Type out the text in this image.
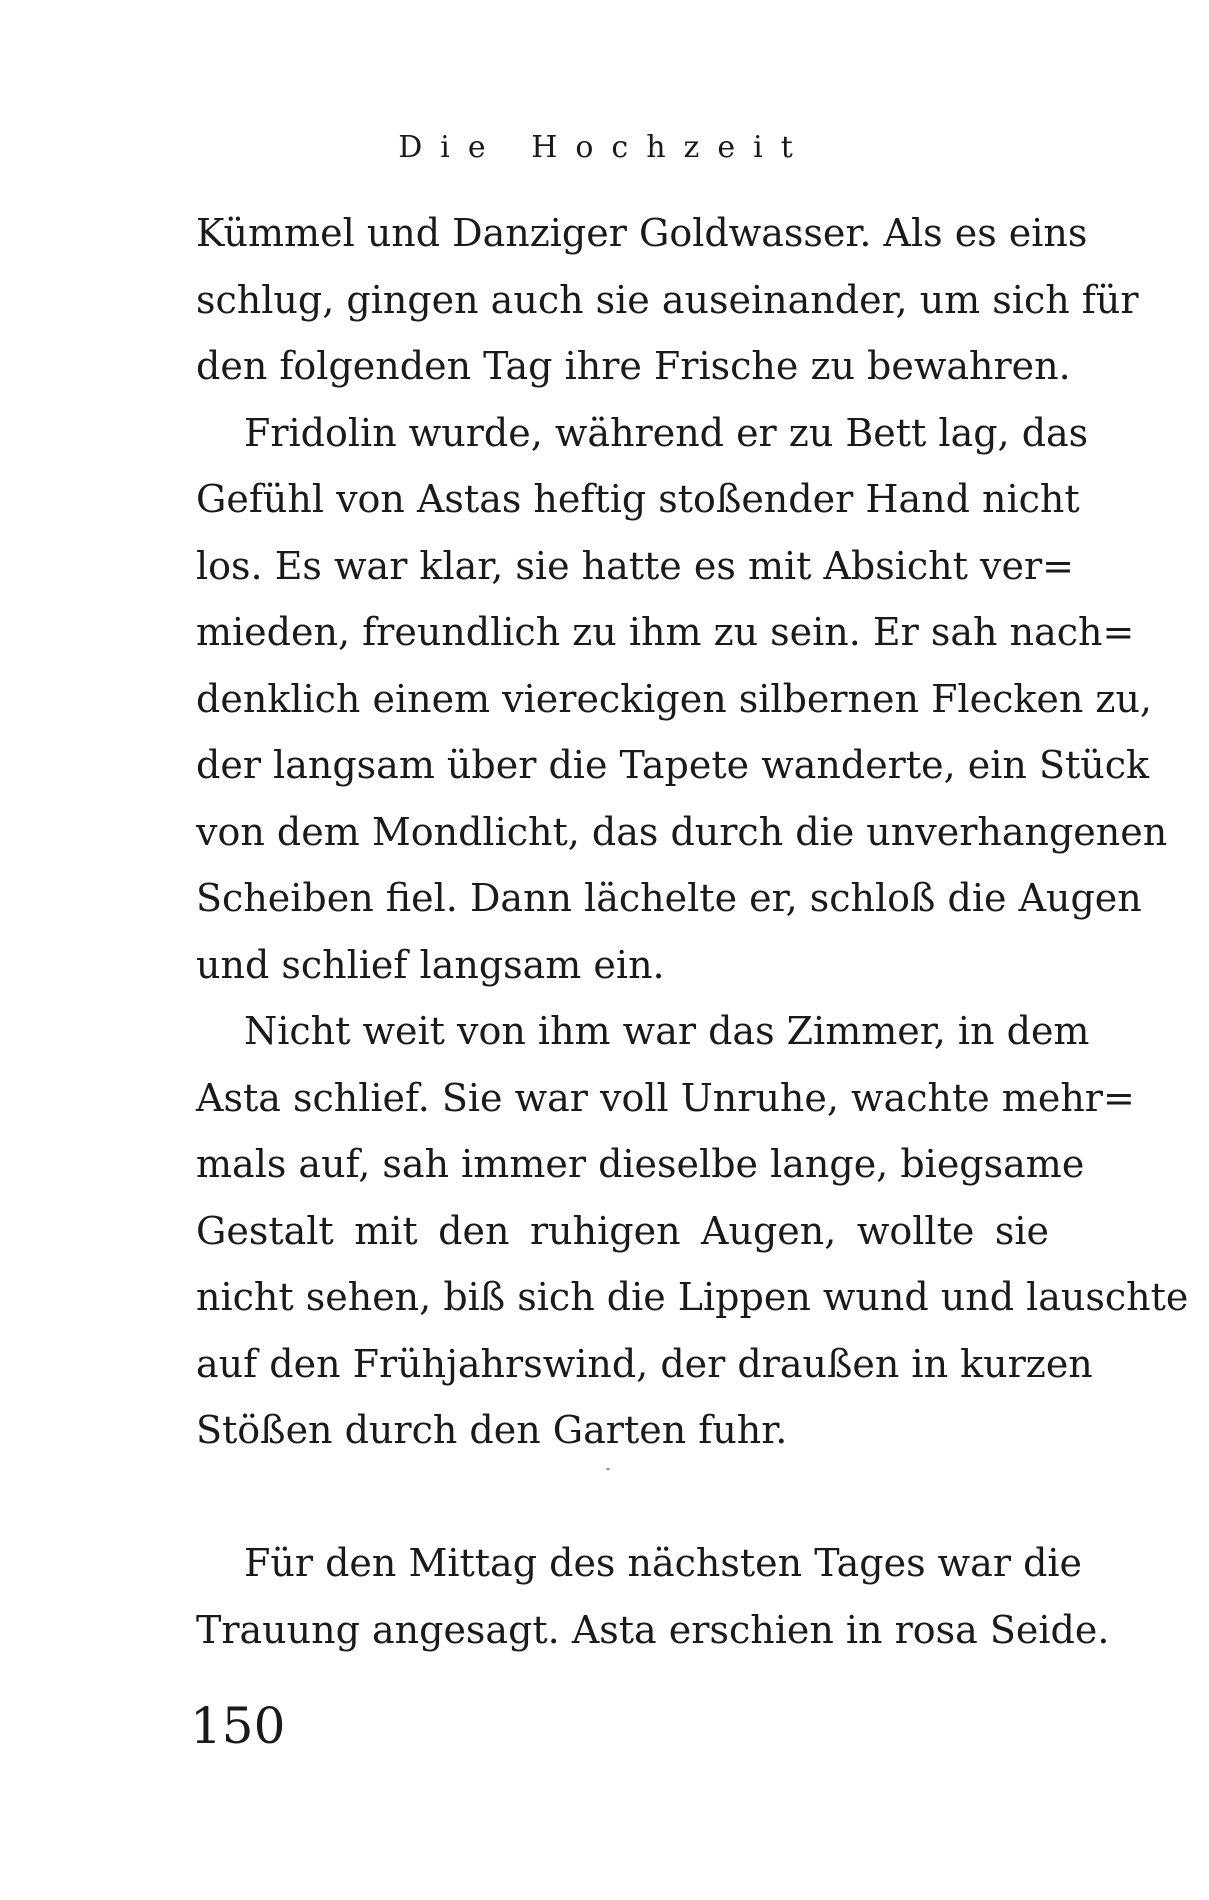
Die Hochzeit
Kümmel und Danziger Goldwasser. Als es eins
schlug, gingen auch sie auseinander, um sich für
den folgenden Tag ihre Frische zu bewahren.
Fridolin wurde, während er zu Bett lag, das
Gefühl von Astas heftig stoßender Hand nicht
los. Es war klar, sie hatte es mit Absicht ver=
mieden, freundlich zu ihm zu sein. Er sah nach=
denklich einem viereckigen silbernen Flecken zu,
der langsam über die Tapete wanderte, ein Stück
von dem Mondlicht, das durch die unverhangenen
Scheiben fiel. Dann lächelte er, schloß die Augen
und schlief langsam ein.
Nicht weit von ihm war das Zimmer, in dem
Asta schlief. Sie war voll Unruhe, wachte mehr=
mals auf, sah immer dieselbe lange, biegsame
Gestalt mit den ruhigen Augen, wollte sie
nicht sehen, biß sich die Lippen wund und lauschte
auf den Frühjahrswind, der draußen in kurzen
Stößen durch den Garten fuhr.
Für den Mittag des nächsten Tages war die
Trauung angesagt. Asta erschien in rosa Seide.
150
